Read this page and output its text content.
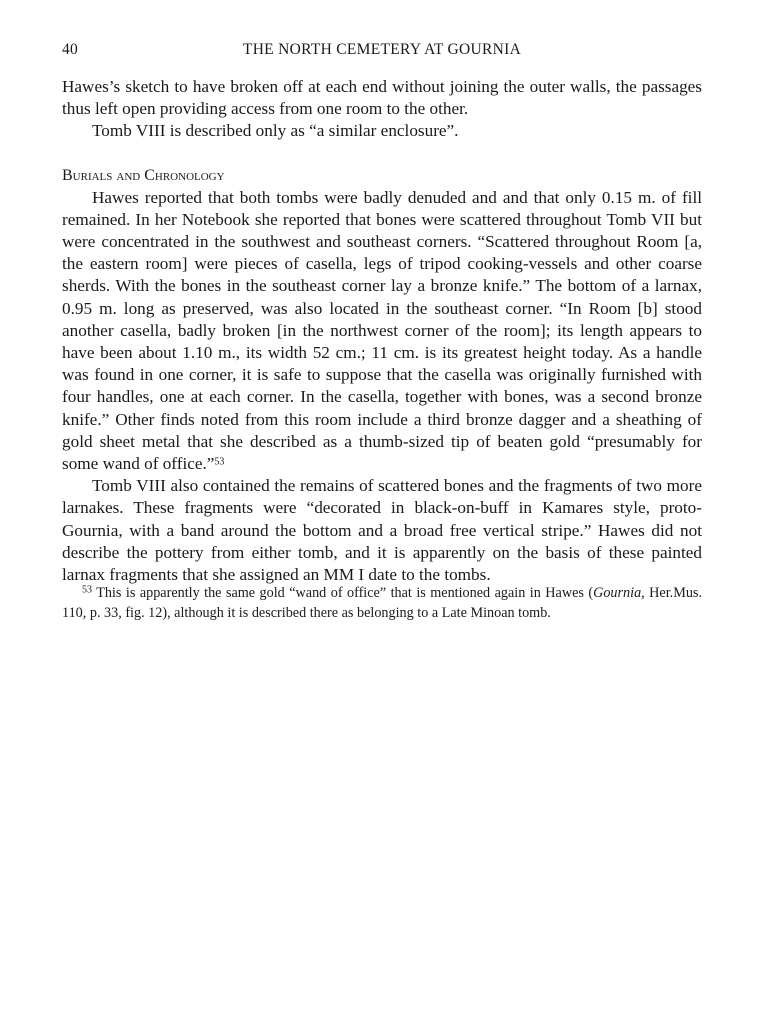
40	THE NORTH CEMETERY AT GOURNIA

Hawes’s sketch to have broken off at each end without joining the outer walls, the passages thus left open providing access from one room to the other.

Tomb VIII is described only as “a similar enclosure”.

Burials and Chronology

Hawes reported that both tombs were badly denuded and and that only 0.15 m. of fill remained. In her Notebook she reported that bones were scattered throughout Tomb VII but were concentrated in the southwest and southeast corners. “Scattered throughout Room [a, the eastern room] were pieces of casella, legs of tripod cooking-vessels and other coarse sherds. With the bones in the southeast corner lay a bronze knife.” The bottom of a larnax, 0.95 m. long as preserved, was also located in the southeast corner. “In Room [b] stood another casella, badly broken [in the northwest corner of the room]; its length appears to have been about 1.10 m., its width 52 cm.; 11 cm. is its greatest height today. As a handle was found in one corner, it is safe to suppose that the casella was originally furnished with four handles, one at each corner. In the casella, together with bones, was a second bronze knife.” Other finds noted from this room include a third bronze dagger and a sheathing of gold sheet metal that she described as a thumb-sized tip of beaten gold “presumably for some wand of office.”$^{53}$

Tomb VIII also contained the remains of scattered bones and the fragments of two more larnakes. These fragments were “decorated in black-on-buff in Kamares style, proto-Gournia, with a band around the bottom and a broad free vertical stripe.” Hawes did not describe the pottery from either tomb, and it is apparently on the basis of these painted larnax fragments that she assigned an MM I date to the tombs.

$^{53}$ This is apparently the same gold “wand of office” that is mentioned again in Hawes (Gournia, Her.Mus. 110, p. 33, fig. 12), although it is described there as belonging to a Late Minoan tomb.
